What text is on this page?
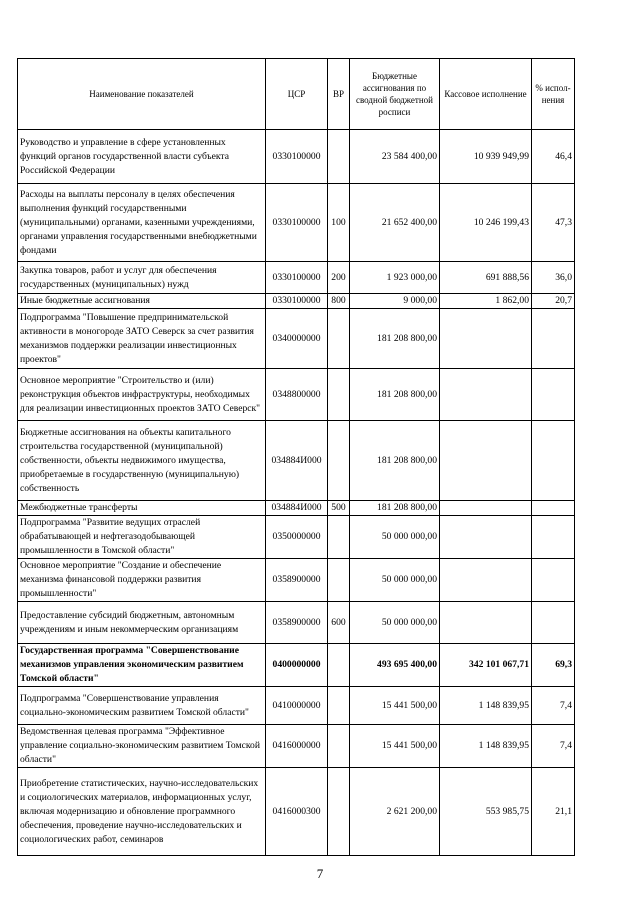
Наименование показателей	ЦСР	ВР	Бюджетные ассигнования по сводной бюджетной росписи	Кассовое исполнение	% испол-нения
Руководство и управление в сфере установленных функций органов государственной власти субъекта Российской Федерации	0330100000		23 584 400,00	10 939 949,99	46,4
Расходы на выплаты персоналу в целях обеспечения выполнения функций государственными (муниципальными) органами, казенными учреждениями, органами управления государственными внебюджетными фондами	0330100000	100	21 652 400,00	10 246 199,43	47,3
Закупка товаров, работ и услуг для обеспечения государственных (муниципальных) нужд	0330100000	200	1 923 000,00	691 888,56	36,0
Иные бюджетные ассигнования	0330100000	800	9 000,00	1 862,00	20,7
Подпрограмма "Повышение предпринимательской активности в моногороде ЗАТО Северск за счет развития механизмов поддержки реализации инвестиционных проектов"	0340000000		181 208 800,00		
Основное мероприятие "Строительство и (или) реконструкция объектов инфраструктуры, необходимых для реализации инвестиционных проектов ЗАТО Северск"	0348800000		181 208 800,00		
Бюджетные ассигнования на объекты капитального строительства государственной (муниципальной) собственности, объекты недвижимого имущества, приобретаемые в государственную (муниципальную) собственность	034884И000		181 208 800,00		
Межбюджетные трансферты	034884И000	500	181 208 800,00		
Подпрограмма "Развитие ведущих отраслей обрабатывающей и нефтегазодобывающей промышленности в Томской области"	0350000000		50 000 000,00		
Основное мероприятие "Создание и обеспечение механизма финансовой поддержки развития промышленности"	0358900000		50 000 000,00		
Предоставление субсидий бюджетным, автономным учреждениям и иным некоммерческим организациям	0358900000	600	50 000 000,00		
Государственная программа "Совершенствование механизмов управления экономическим развитием Томской области"	0400000000		493 695 400,00	342 101 067,71	69,3
Подпрограмма "Совершенствование управления социально-экономическим развитием Томской области"	0410000000		15 441 500,00	1 148 839,95	7,4
Ведомственная целевая программа "Эффективное управление социально-экономическим развитием Томской области"	0416000000		15 441 500,00	1 148 839,95	7,4
Приобретение статистических, научно-исследовательских и социологических материалов, информационных услуг, включая модернизацию и обновление программного обеспечения, проведение научно-исследовательских и социологических работ, семинаров	0416000300		2 621 200,00	553 985,75	21,1
7
